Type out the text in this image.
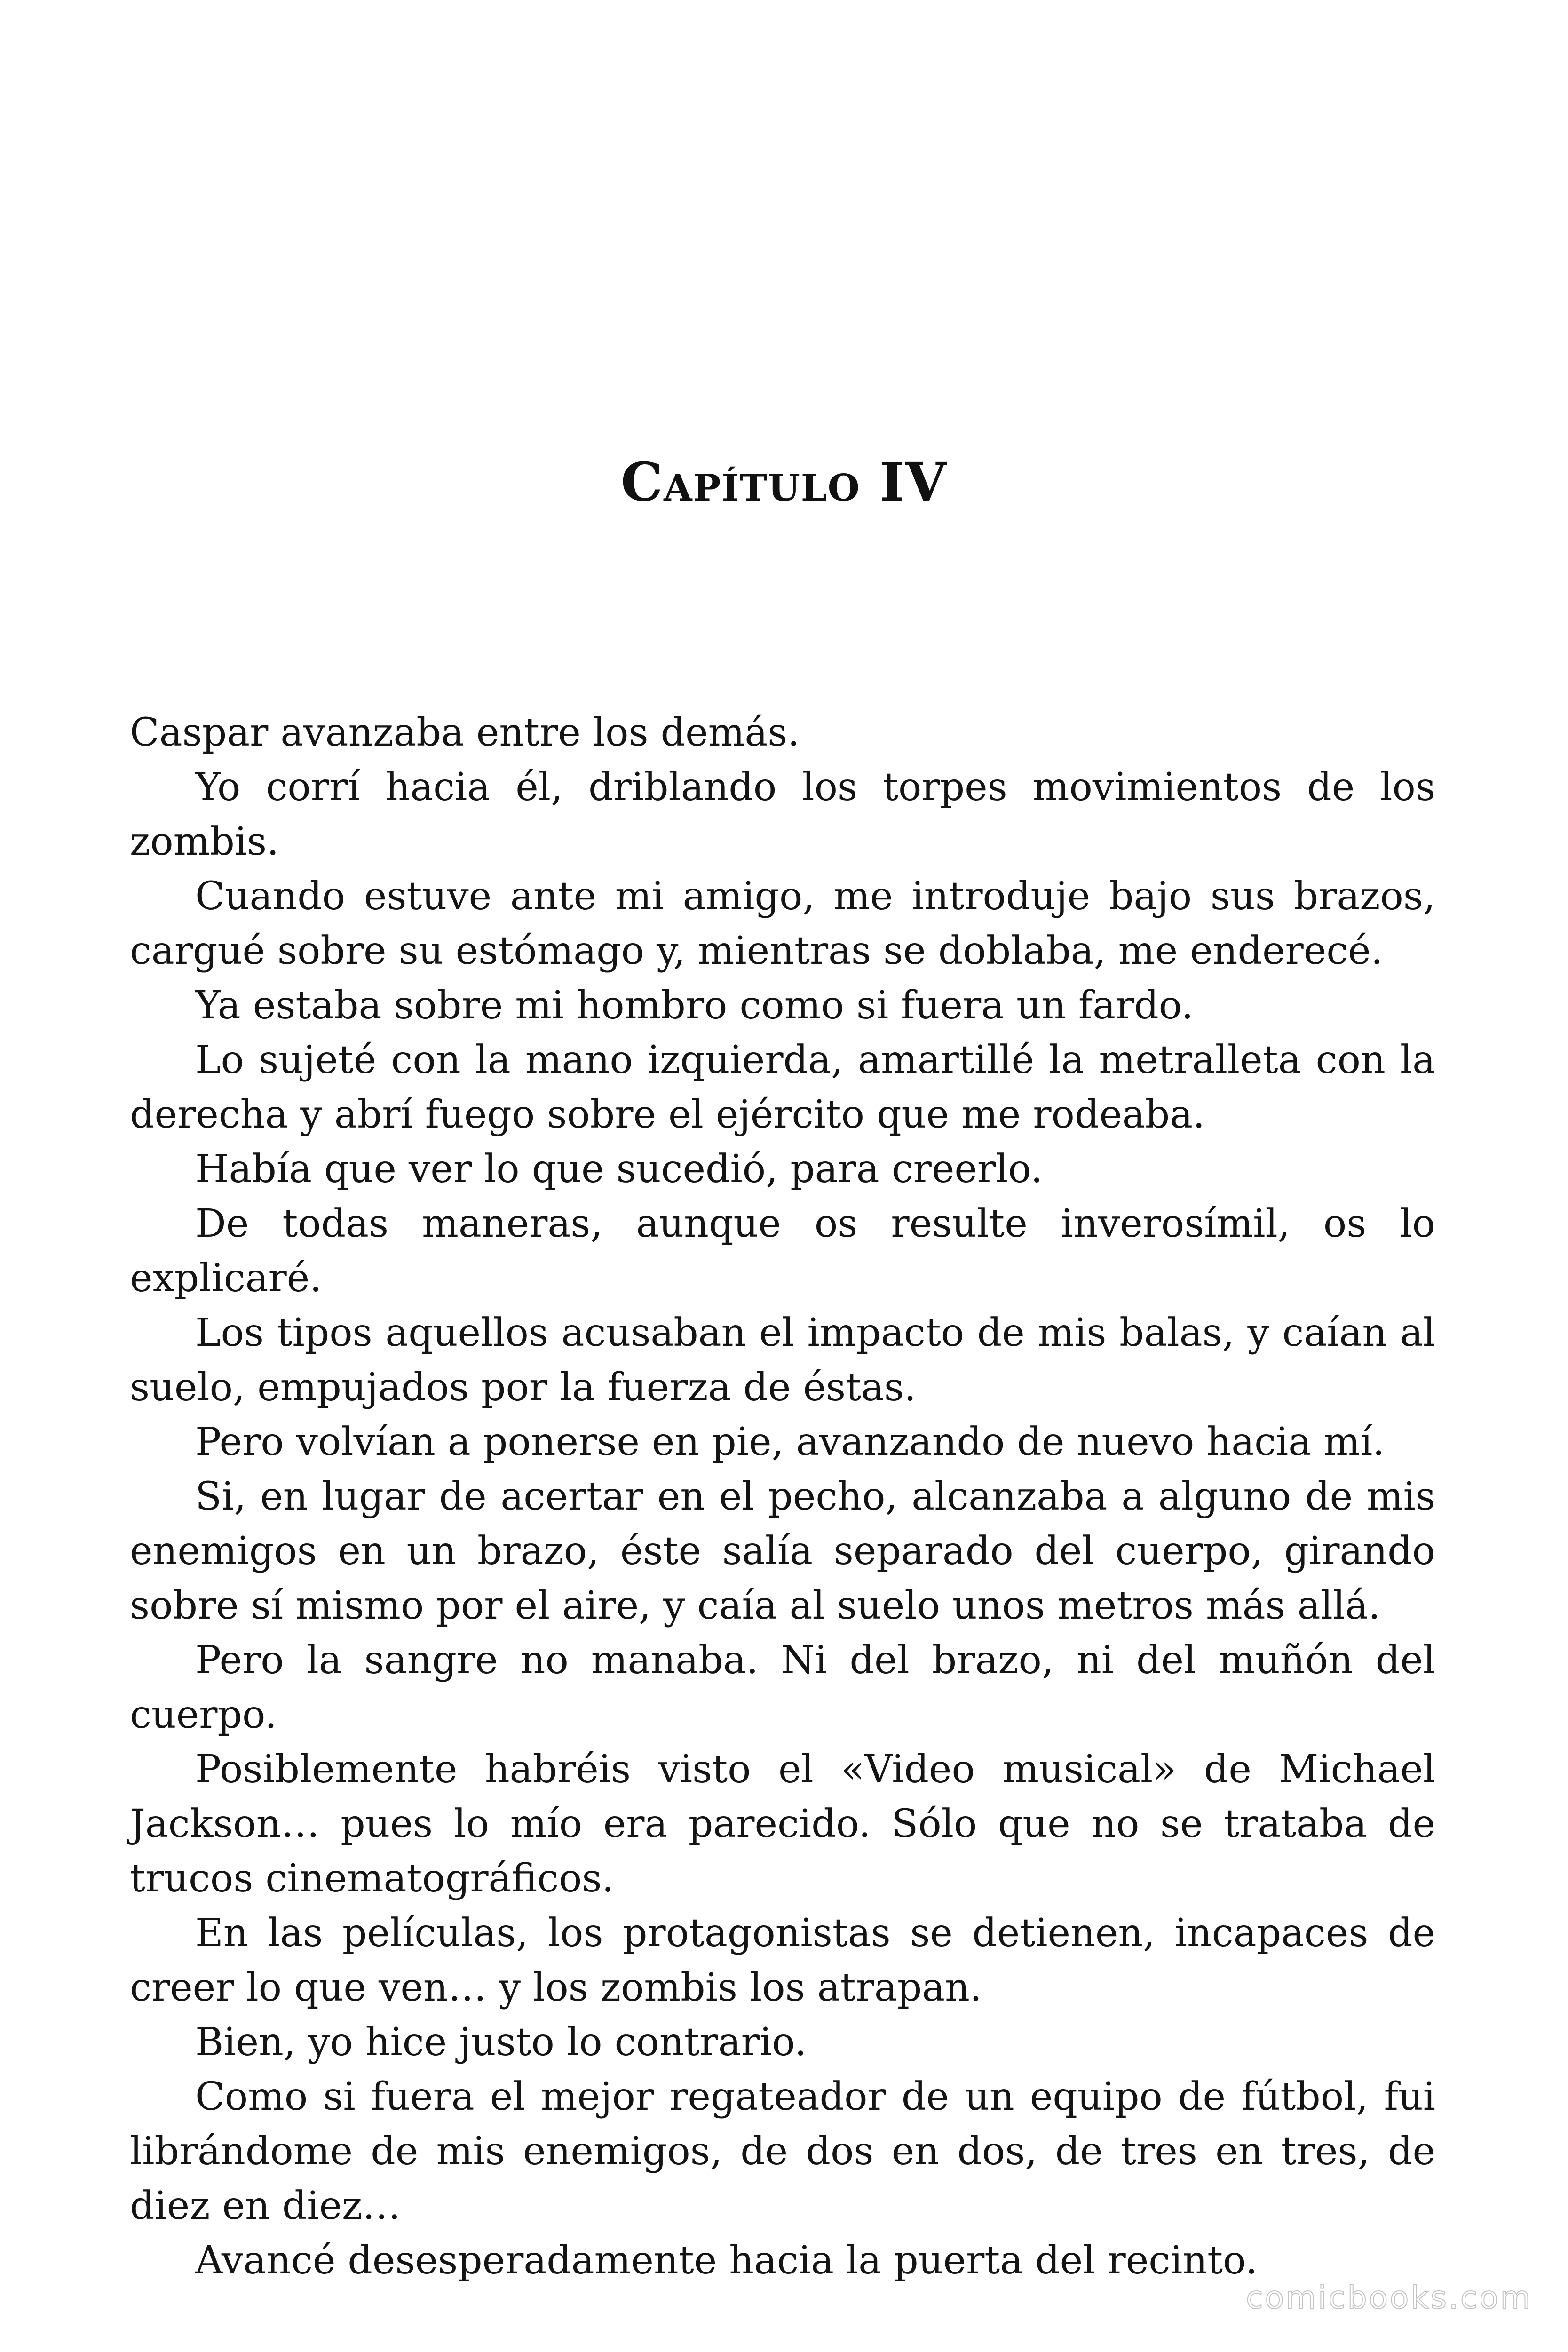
Capítulo IV

Caspar avanzaba entre los demás.

Yo corrí hacia él, driblando los torpes movimientos de los zombis.

Cuando estuve ante mi amigo, me introduje bajo sus brazos, cargué sobre su estómago y, mientras se doblaba, me enderecé.

Ya estaba sobre mi hombro como si fuera un fardo.

Lo sujeté con la mano izquierda, amartillé la metralleta con la derecha y abrí fuego sobre el ejército que me rodeaba.

Había que ver lo que sucedió, para creerlo.

De todas maneras, aunque os resulte inverosímil, os lo explicaré.

Los tipos aquellos acusaban el impacto de mis balas, y caían al suelo, empujados por la fuerza de éstas.

Pero volvían a ponerse en pie, avanzando de nuevo hacia mí.

Si, en lugar de acertar en el pecho, alcanzaba a alguno de mis enemigos en un brazo, éste salía separado del cuerpo, girando sobre sí mismo por el aire, y caía al suelo unos metros más allá.

Pero la sangre no manaba. Ni del brazo, ni del muñón del cuerpo.

Posiblemente habréis visto el «Video musical» de Michael Jackson… pues lo mío era parecido. Sólo que no se trataba de trucos cinematográficos.

En las películas, los protagonistas se detienen, incapaces de creer lo que ven… y los zombis los atrapan.

Bien, yo hice justo lo contrario.

Como si fuera el mejor regateador de un equipo de fútbol, fui librándome de mis enemigos, de dos en dos, de tres en tres, de diez en diez…

Avancé desesperadamente hacia la puerta del recinto.

comicbooks.com
